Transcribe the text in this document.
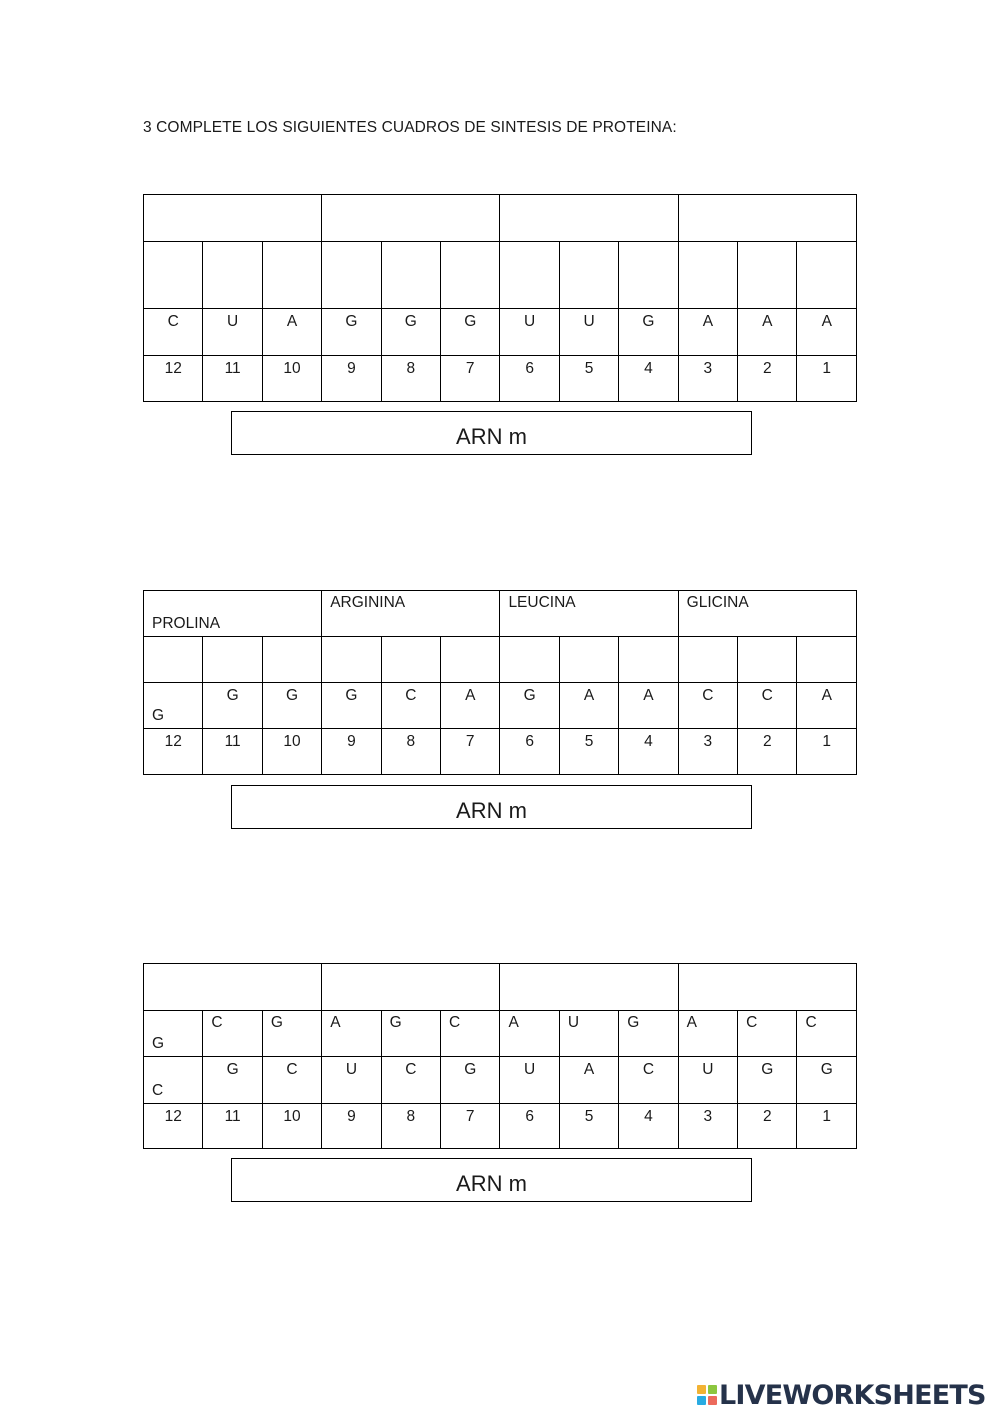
3 COMPLETE LOS SIGUIENTES CUADROS DE SINTESIS DE PROTEINA:

C	U	A	G	G	G	U	U	G	A	A	A
12	11	10	9	8	7	6	5	4	3	2	1
ARN m
PROLINA			ARGININA			LEUCINA			GLICINA		

G	G	G	G	C	A	G	A	A	C	C	A
12	11	10	9	8	7	6	5	4	3	2	1
ARN m

G	C	G	A	G	C	A	U	G	A	C	C
C	G	C	U	C	G	U	A	C	U	G	G
12	11	10	9	8	7	6	5	4	3	2	1
ARN m
LIVEWORKSHEETS
